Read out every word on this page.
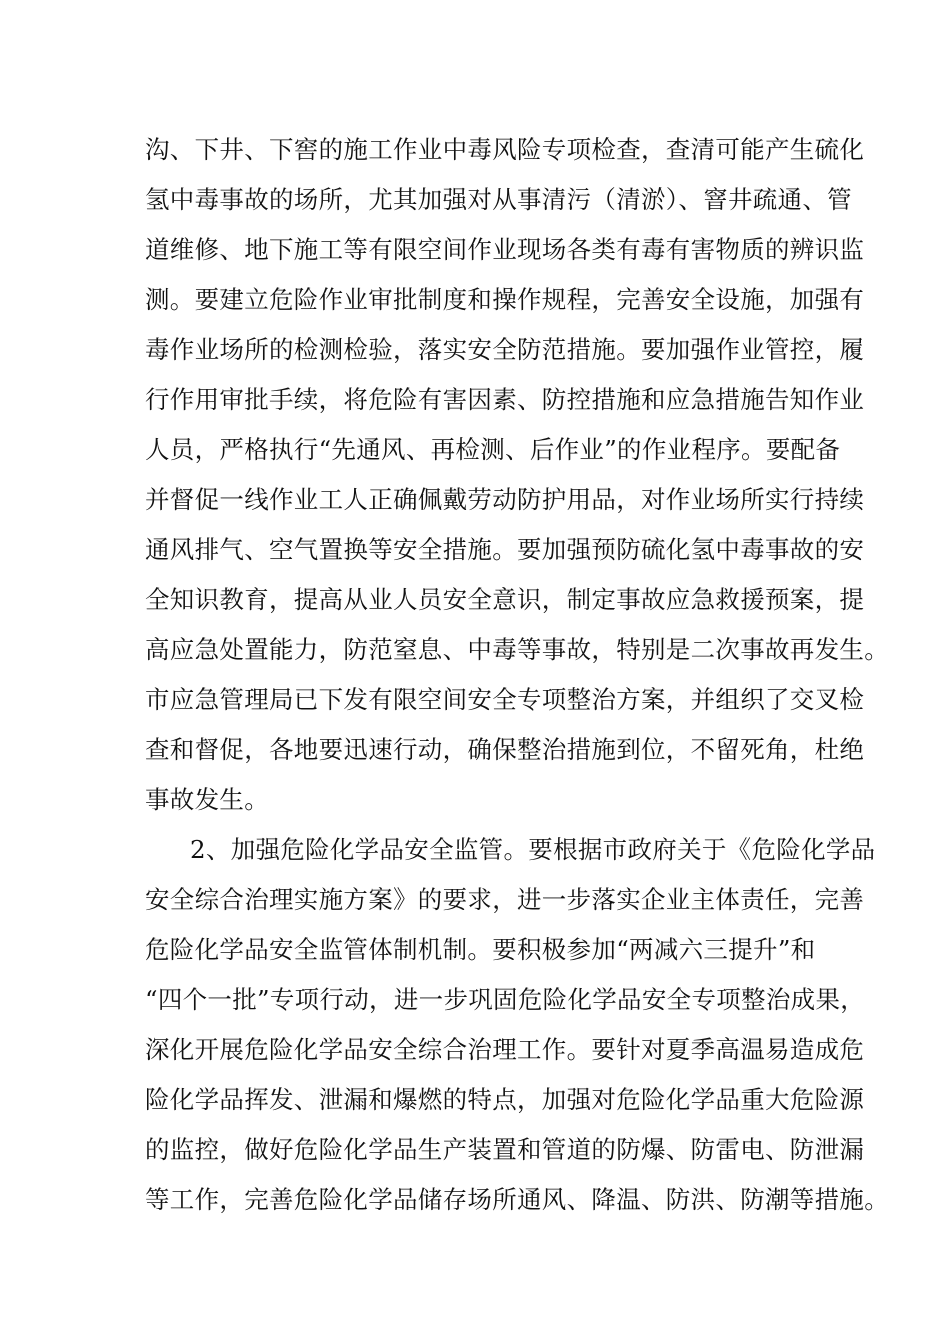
沟、下井、下窖的施工作业中毒风险专项检查，查清可能产生硫化
氢中毒事故的场所，尤其加强对从事清污（清淤）、窨井疏通、管
道维修、地下施工等有限空间作业现场各类有毒有害物质的辨识监
测。要建立危险作业审批制度和操作规程，完善安全设施，加强有
毒作业场所的检测检验，落实安全防范措施。要加强作业管控，履
行作用审批手续，将危险有害因素、防控措施和应急措施告知作业
人员，严格执行“先通风、再检测、后作业”的作业程序。要配备
并督促一线作业工人正确佩戴劳动防护用品，对作业场所实行持续
通风排气、空气置换等安全措施。要加强预防硫化氢中毒事故的安
全知识教育，提高从业人员安全意识，制定事故应急救援预案，提
高应急处置能力，防范窒息、中毒等事故，特别是二次事故再发生。
市应急管理局已下发有限空间安全专项整治方案，并组织了交叉检
查和督促，各地要迅速行动，确保整治措施到位，不留死角，杜绝
事故发生。
2、加强危险化学品安全监管。要根据市政府关于《危险化学品
安全综合治理实施方案》的要求，进一步落实企业主体责任，完善
危险化学品安全监管体制机制。要积极参加“两减六三提升”和
“四个一批”专项行动，进一步巩固危险化学品安全专项整治成果，
深化开展危险化学品安全综合治理工作。要针对夏季高温易造成危
险化学品挥发、泄漏和爆燃的特点，加强对危险化学品重大危险源
的监控，做好危险化学品生产装置和管道的防爆、防雷电、防泄漏
等工作，完善危险化学品储存场所通风、降温、防洪、防潮等措施。
